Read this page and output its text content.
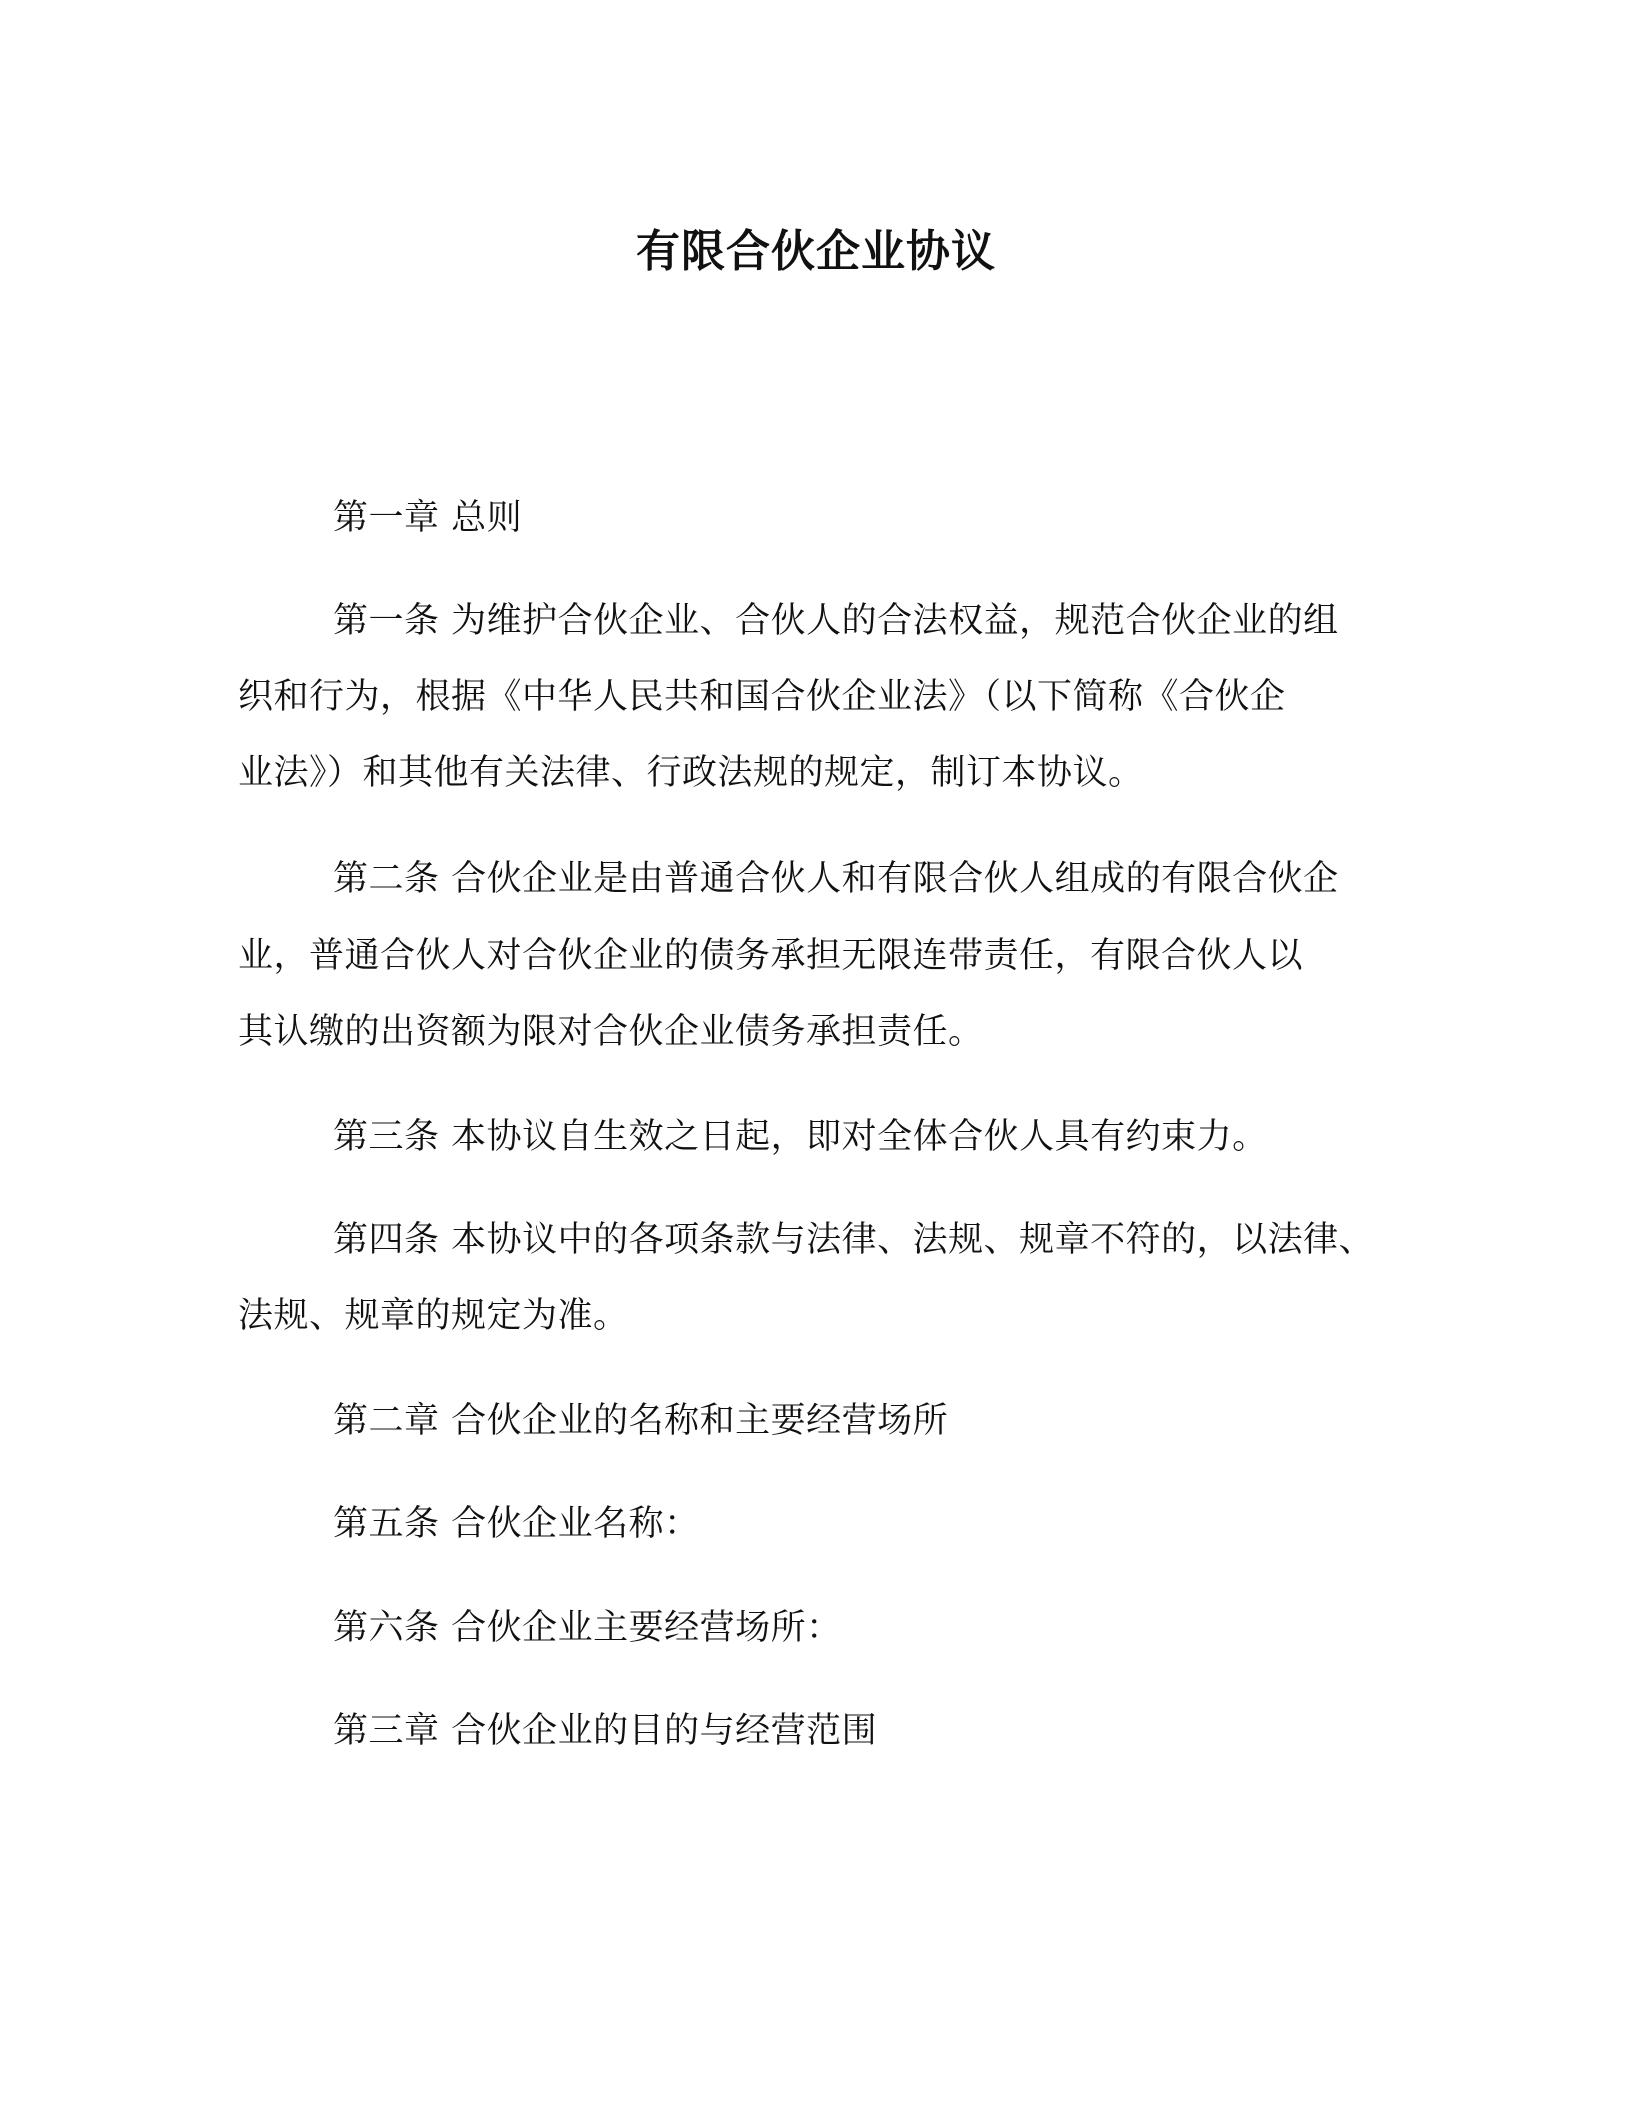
有限合伙企业协议
第一章 总则
第一条 为维护合伙企业、合伙人的合法权益，规范合伙企业的组
织和行为，根据《中华人民共和国合伙企业法》（以下简称《合伙企
业法》）和其他有关法律、行政法规的规定，制订本协议。
第二条 合伙企业是由普通合伙人和有限合伙人组成的有限合伙企
业，普通合伙人对合伙企业的债务承担无限连带责任，有限合伙人以
其认缴的出资额为限对合伙企业债务承担责任。
第三条 本协议自生效之日起，即对全体合伙人具有约束力。
第四条 本协议中的各项条款与法律、法规、规章不符的，以法律、
法规、规章的规定为准。
第二章 合伙企业的名称和主要经营场所
第五条 合伙企业名称：
第六条 合伙企业主要经营场所：
第三章 合伙企业的目的与经营范围
